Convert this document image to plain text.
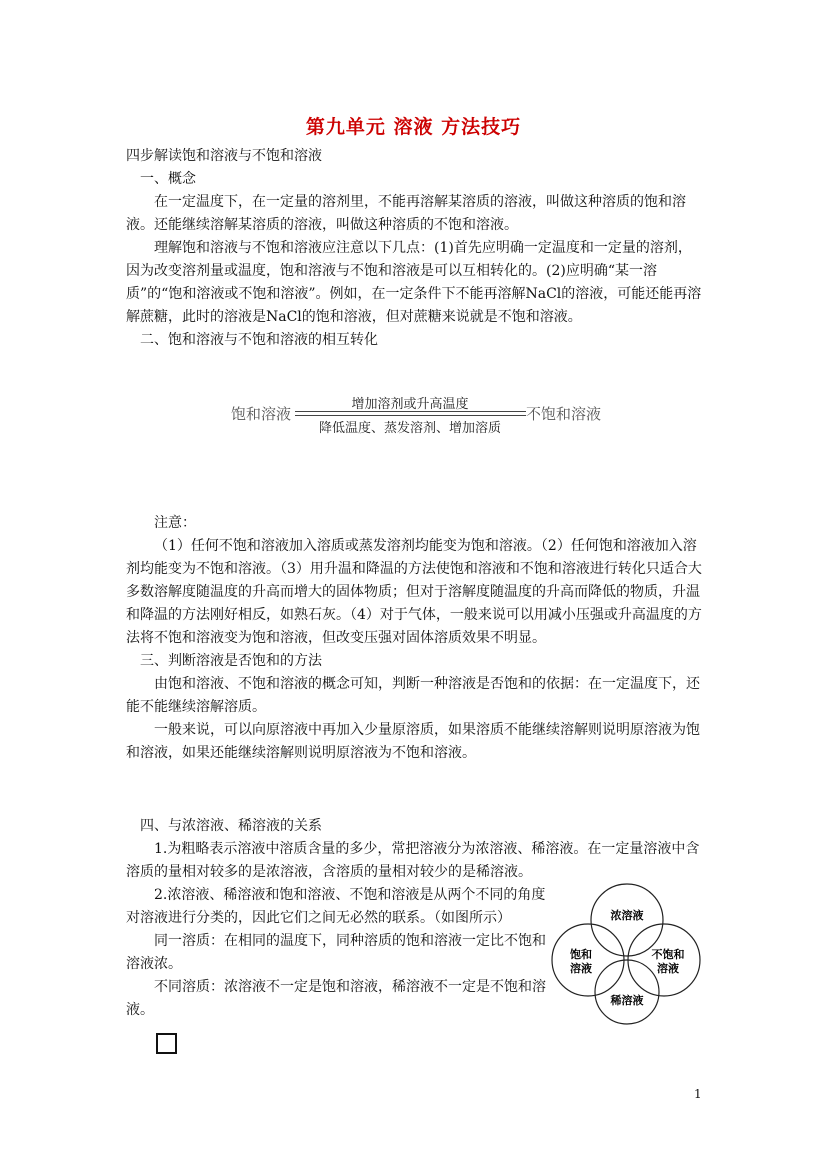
第九单元 溶液 方法技巧

四步解读饱和溶液与不饱和溶液

一、概念

在一定温度下，在一定量的溶剂里，不能再溶解某溶质的溶液，叫做这种溶质的饱和溶液。还能继续溶解某溶质的溶液，叫做这种溶质的不饱和溶液。

理解饱和溶液与不饱和溶液应注意以下几点：(1)首先应明确一定温度和一定量的溶剂，因为改变溶剂量或温度，饱和溶液与不饱和溶液是可以互相转化的。(2)应明确“某一溶质”的“饱和溶液或不饱和溶液”。例如，在一定条件下不能再溶解NaCl的溶液，可能还能再溶解蔗糖，此时的溶液是NaCl的饱和溶液，但对蔗糖来说就是不饱和溶液。

二、饱和溶液与不饱和溶液的相互转化

饱和溶液
增加溶剂或升高温度
降低温度、蒸发溶剂、增加溶质
不饱和溶液

注意：

（1）任何不饱和溶液加入溶质或蒸发溶剂均能变为饱和溶液。（2）任何饱和溶液加入溶剂均能变为不饱和溶液。（3）用升温和降温的方法使饱和溶液和不饱和溶液进行转化只适合大多数溶解度随温度的升高而增大的固体物质；但对于溶解度随温度的升高而降低的物质，升温和降温的方法刚好相反，如熟石灰。（4）对于气体，一般来说可以用减小压强或升高温度的方法将不饱和溶液变为饱和溶液，但改变压强对固体溶质效果不明显。

三、判断溶液是否饱和的方法

由饱和溶液、不饱和溶液的概念可知，判断一种溶液是否饱和的依据：在一定温度下，还能不能继续溶解溶质。

一般来说，可以向原溶液中再加入少量原溶质，如果溶质不能继续溶解则说明原溶液为饱和溶液，如果还能继续溶解则说明原溶液为不饱和溶液。

四、与浓溶液、稀溶液的关系

1.为粗略表示溶液中溶质含量的多少，常把溶液分为浓溶液、稀溶液。在一定量溶液中含溶质的量相对较多的是浓溶液，含溶质的量相对较少的是稀溶液。

2.浓溶液、稀溶液和饱和溶液、不饱和溶液是从两个不同的角度对溶液进行分类的，因此它们之间无必然的联系。（如图所示）

同一溶质：在相同的温度下，同种溶质的饱和溶液一定比不饱和溶液浓。

不同溶质：浓溶液不一定是饱和溶液，稀溶液不一定是不饱和溶液。

浓溶液
饱和
溶液
不饱和
溶液
稀溶液
1
